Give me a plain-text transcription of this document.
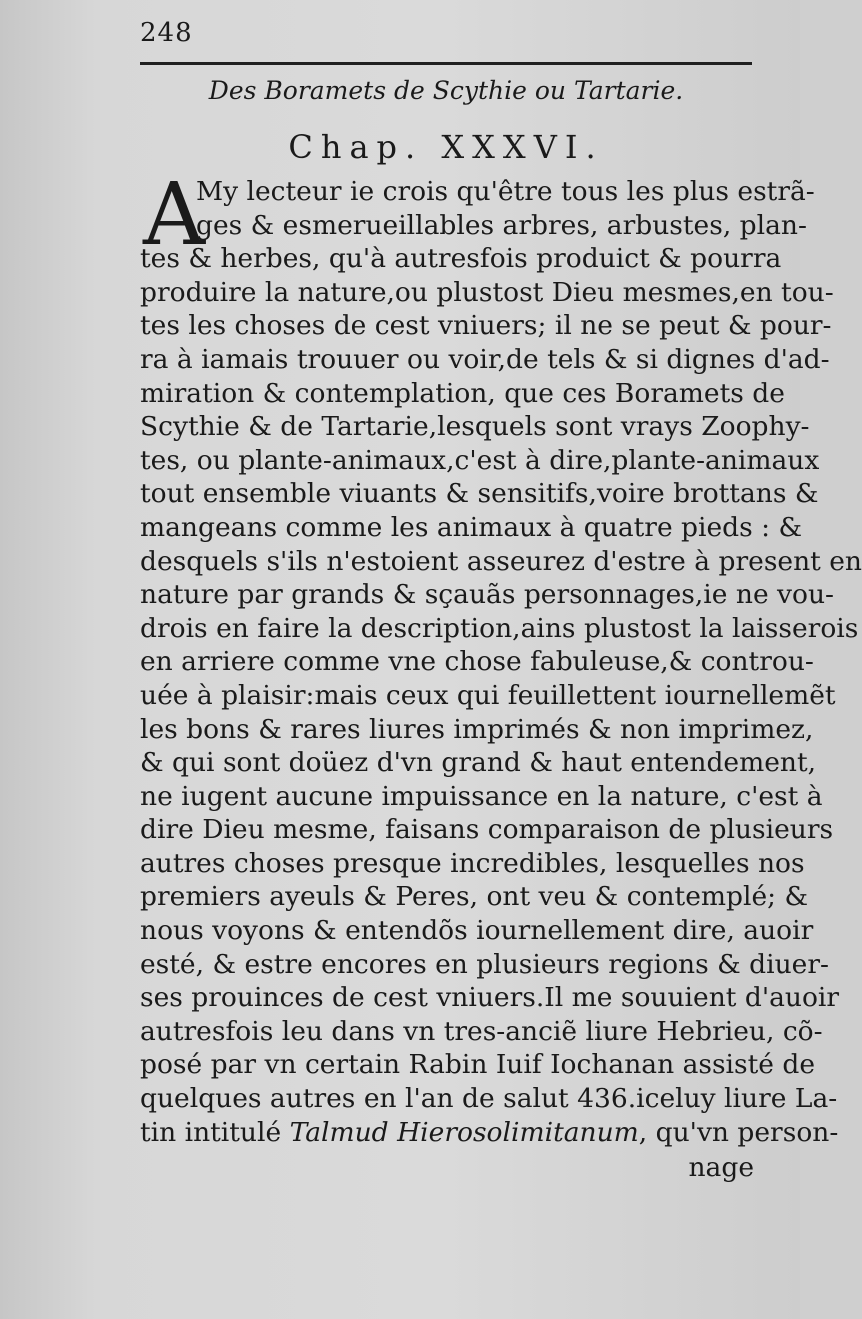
248
Des Boramets de Scythie ou Tartarie.
Chap. XXXVI.
A
My lecteur ie crois qu'être tous les plus estrã-
ges & esmerueillables arbres, arbustes, plan-
tes & herbes, qu'à autresfois produict & pourra
produire la nature,ou plustost Dieu mesmes,en tou-
tes les choses de cest vniuers; il ne se peut & pour-
ra à iamais trouuer ou voir,de tels & si dignes d'ad-
miration & contemplation, que ces Boramets de
Scythie & de Tartarie,lesquels sont vrays Zoophy-
tes, ou plante-animaux,c'est à dire,plante-animaux
tout ensemble viuants & sensitifs,voire brottans &
mangeans comme les animaux à quatre pieds : &
desquels s'ils n'estoient asseurez d'estre à present en
nature par grands & sçauãs personnages,ie ne vou-
drois en faire la description,ains plustost la laisserois
en arriere comme vne chose fabuleuse,& controu-
uée à plaisir:mais ceux qui feuillettent iournellemẽt
les bons & rares liures imprimés & non imprimez,
& qui sont doüez d'vn grand & haut entendement,
ne iugent aucune impuissance en la nature, c'est à
dire Dieu mesme, faisans comparaison de plusieurs
autres choses presque incredibles, lesquelles nos
premiers ayeuls & Peres, ont veu & contemplé; &
nous voyons & entendõs iournellement dire, auoir
esté, & estre encores en plusieurs regions & diuer-
ses prouinces de cest vniuers.Il me souuient d'auoir
autresfois leu dans vn tres-anciẽ liure Hebrieu, cõ-
posé par vn certain Rabin Iuif Iochanan assisté de
quelques autres en l'an de salut 436.iceluy liure La-
tin intitulé Talmud Hierosolimitanum, qu'vn person-
nage
